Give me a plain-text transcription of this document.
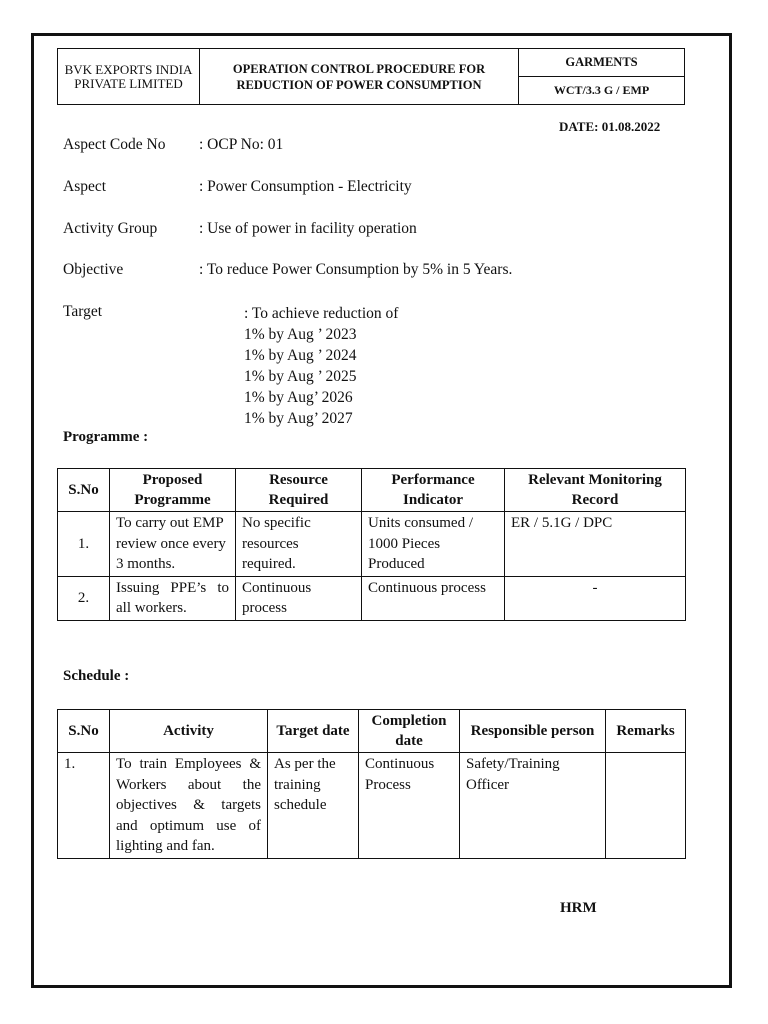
BVK EXPORTS INDIA PRIVATE LIMITED	OPERATION CONTROL PROCEDURE FOR REDUCTION OF POWER CONSUMPTION	GARMENTS
WCT/3.3 G / EMP
DATE: 01.08.2022
Aspect Code No : OCP No: 01
Aspect	: Power Consumption - Electricity
Activity Group	: Use of power in facility operation
Objective	: To reduce Power Consumption by 5% in 5 Years.
Target	: To achieve reduction of
1% by Aug ’ 2023
1% by Aug ’ 2024
1% by Aug ’ 2025
1% by Aug’ 2026
1% by Aug’ 2027
Programme :
S.No	Proposed Programme	Resource Required	Performance Indicator	Relevant Monitoring Record
1.	To carry out EMP review once every 3 months.	No specific resources required.	Units consumed / 1000 Pieces Produced	ER / 5.1G / DPC
2.	Issuing PPE’s to all workers.	Continuous process	Continuous process	-
Schedule :
S.No	Activity	Target date	Completion date	Responsible person	Remarks
1.	To train Employees & Workers about the objectives & targets and optimum use of lighting and fan.	As per the training schedule	Continuous Process	Safety/Training Officer	
HRM
